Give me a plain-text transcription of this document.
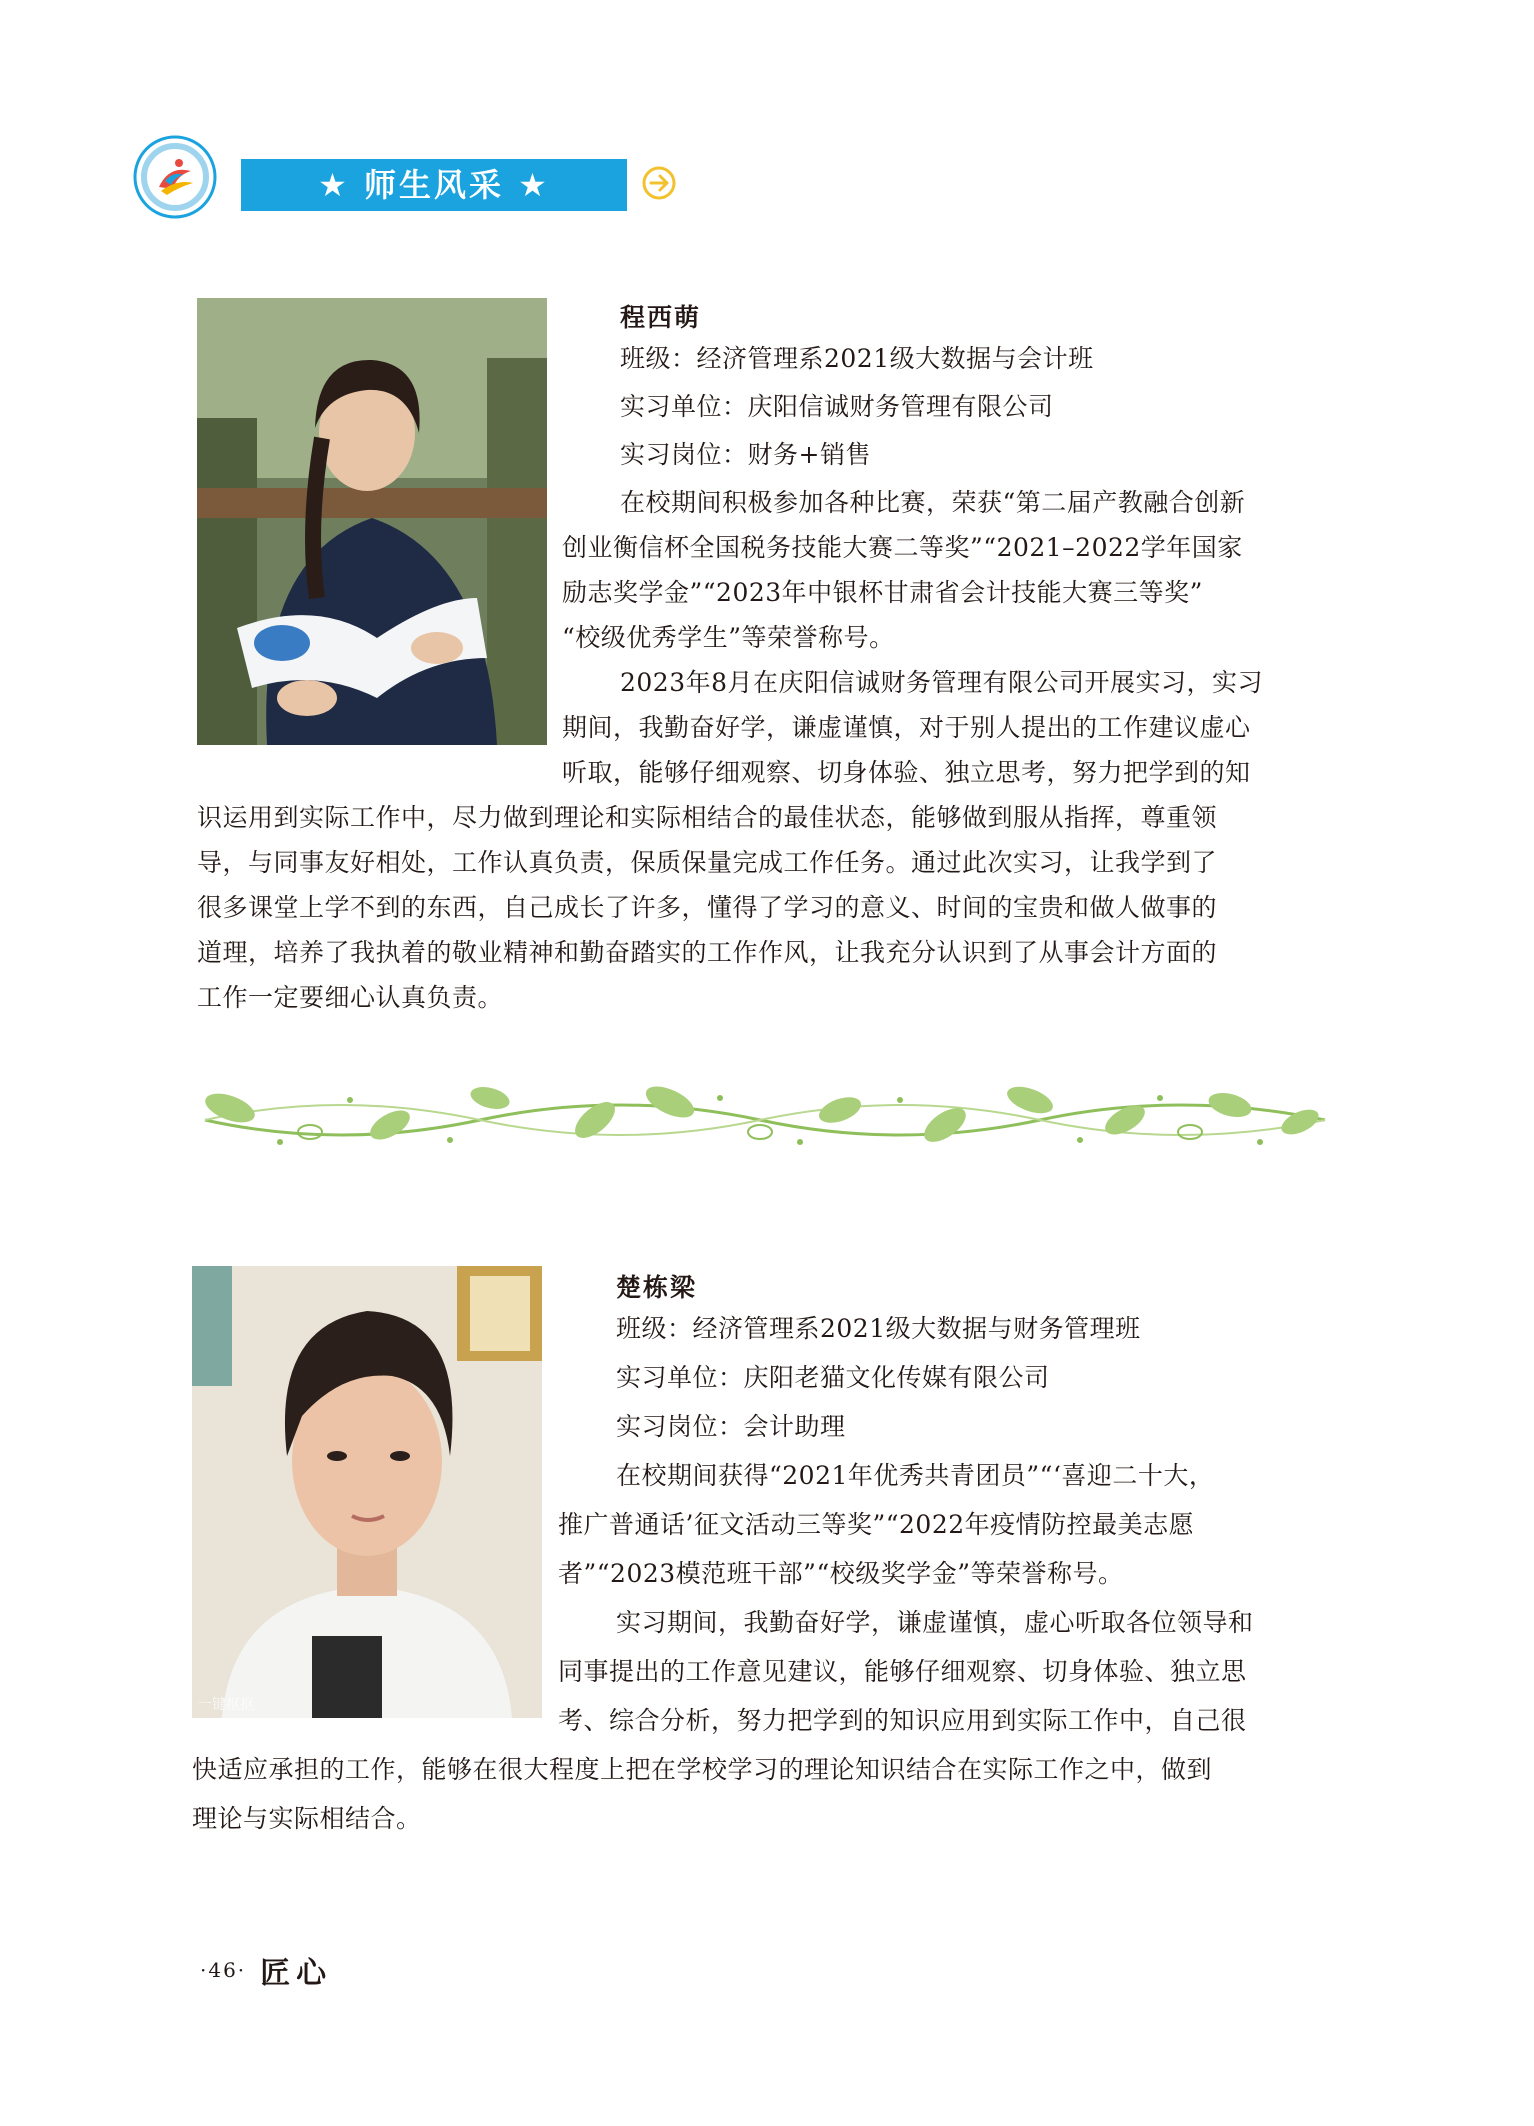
★ 师生风采 ★
程西萌
班级：经济管理系2021级大数据与会计班
实习单位：庆阳信诚财务管理有限公司
实习岗位：财务+销售
在校期间积极参加各种比赛，荣获“第二届产教融合创新
创业衡信杯全国税务技能大赛二等奖”“2021–2022学年国家
励志奖学金”“2023年中银杯甘肃省会计技能大赛三等奖”
“校级优秀学生”等荣誉称号。
2023年8月在庆阳信诚财务管理有限公司开展实习，实习
期间，我勤奋好学，谦虚谨慎，对于别人提出的工作建议虚心
听取，能够仔细观察、切身体验、独立思考，努力把学到的知
识运用到实际工作中，尽力做到理论和实际相结合的最佳状态，能够做到服从指挥，尊重领
导，与同事友好相处，工作认真负责，保质保量完成工作任务。通过此次实习，让我学到了
很多课堂上学不到的东西，自己成长了许多，懂得了学习的意义、时间的宝贵和做人做事的
道理，培养了我执着的敬业精神和勤奋踏实的工作作风，让我充分认识到了从事会计方面的
工作一定要细心认真负责。
一键抠抠
楚栋梁
班级：经济管理系2021级大数据与财务管理班
实习单位：庆阳老猫文化传媒有限公司
实习岗位：会计助理
在校期间获得“2021年优秀共青团员”“‘喜迎二十大，
推广普通话’征文活动三等奖”“2022年疫情防控最美志愿
者”“2023模范班干部”“校级奖学金”等荣誉称号。
实习期间，我勤奋好学，谦虚谨慎，虚心听取各位领导和
同事提出的工作意见建议，能够仔细观察、切身体验、独立思
考、综合分析，努力把学到的知识应用到实际工作中，自己很
快适应承担的工作，能够在很大程度上把在学校学习的理论知识结合在实际工作之中，做到
理论与实际相结合。
·46· 匠心
